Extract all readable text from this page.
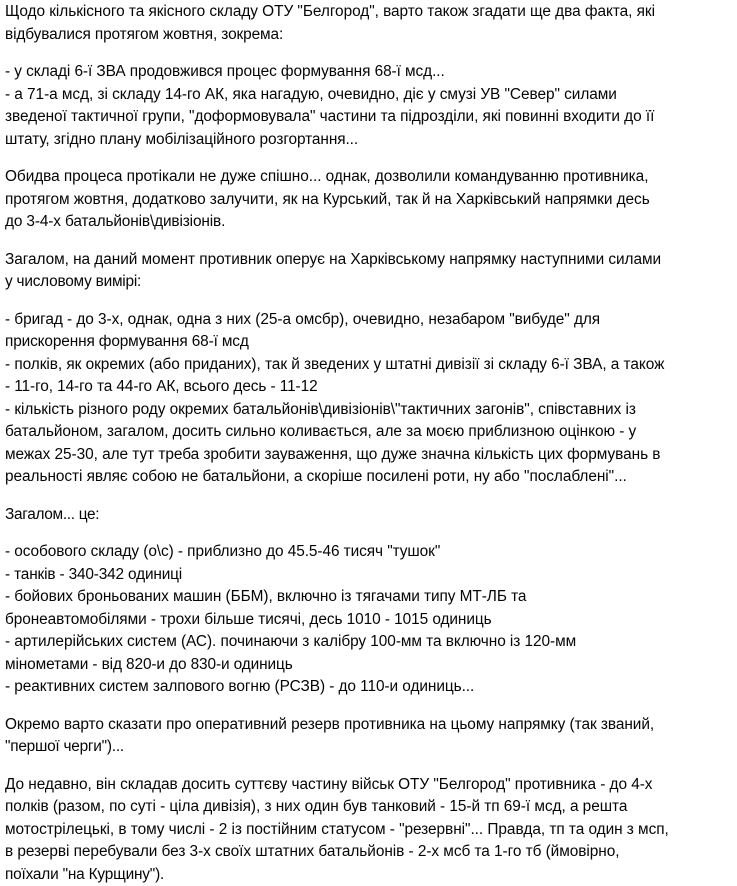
Щодо кількісного та якісного складу ОТУ "Белгород", варто також згадати ще два факта, які
відбувалися протягом жовтня, зокрема:
- у складі 6-ї ЗВА продовжився процес формування 68-ї мсд...
- а 71-а мсд, зі складу 14-го АК, яка нагадую, очевидно, діє у смузі УВ "Север" силами
зведеної тактичної групи, "доформовувала" частини та підрозділи, які повинні входити до її
штату, згідно плану мобілізаційного розгортання...
Обидва процеса протікали не дуже спішно... однак, дозволили командуванню противника,
протягом жовтня, додатково залучити, як на Курський, так й на Харківський напрямки десь
до 3-4-х батальйонів\дивізіонів.
Загалом, на даний момент противник оперує на Харківському напрямку наступними силами
у числовому вимірі:
- бригад - до 3-х, однак, одна з них (25-а омсбр), очевидно, незабаром "вибуде" для
прискорення формування 68-ї мсд
- полків, як окремих (або приданих), так й зведених у штатні дивізії зі складу 6-ї ЗВА, а також
- 11-го, 14-го та 44-го АК, всього десь - 11-12
- кількість різного роду окремих батальйонів\дивізіонів\"тактичних загонів", співставних із
батальйоном, загалом, досить сильно коливається, але за моєю приблизною оцінкою - у
межах 25-30, але тут треба зробити зауваження, що дуже значна кількість цих формувань в
реальності являє собою не батальйони, а скоріше посилені роти, ну або "послаблені"...
Загалом... це:
- особового складу (о\с) - приблизно до 45.5-46 тисяч "тушок"
- танків - 340-342 одиниці
- бойових броньованих машин (ББМ), включно із тягачами типу МТ-ЛБ та
бронеавтомобілями - трохи більше тисячі, десь 1010 - 1015 одиниць
- артилерійських систем (АС). починаючи з калібру 100-мм та включно із 120-мм
мінометами - від 820-и до 830-и одиниць
- реактивних систем залпового вогню (РСЗВ) - до 110-и одиниць...
Окремо варто сказати про оперативний резерв противника на цьому напрямку (так званий,
"першої черги")...
До недавно, він складав досить суттєву частину військ ОТУ "Белгород" противника - до 4-х
полків (разом, по суті - ціла дивізія), з них один був танковий - 15-й тп 69-ї мсд, а решта
мотострілецькі, в тому числі - 2 із постійним статусом - "резервні"... Правда, тп та один з мсп,
в резерві перебували без 3-х своїх штатних батальйонів - 2-х мсб та 1-го тб (ймовірно,
поїхали "на Курщину").
